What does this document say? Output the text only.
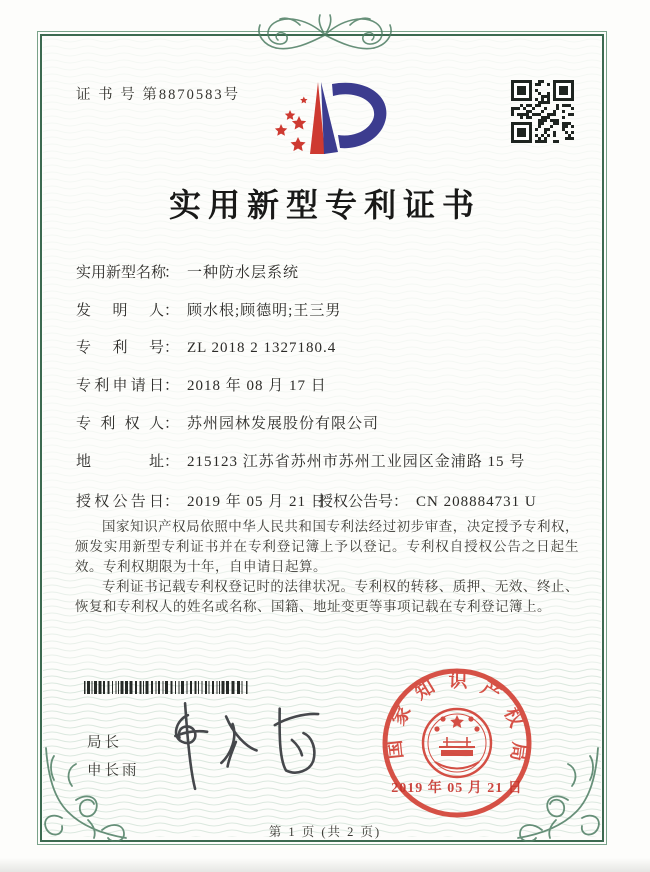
证 书 号 第8870583号
实用新型专利证书
实用新型名称： 一种防水层系统
发明人： 顾水根;顾德明;王三男
专利号： ZL 2018 2 1327180.4
专利申请日： 2018 年 08 月 17 日
专利权人： 苏州园林发展股份有限公司
地址： 215123 江苏省苏州市苏州工业园区金浦路 15 号
授权公告日： 2019 年 05 月 21 日
授权公告号： CN 208884731 U

国家知识产权局依照中华人民共和国专利法经过初步审查，决定授予专利权，颁发实用新型专利证书并在专利登记簿上予以登记。专利权自授权公告之日起生效。专利权期限为十年，自申请日起算。

专利证书记载专利权登记时的法律状况。专利权的转移、质押、无效、终止、恢复和专利权人的姓名或名称、国籍、地址变更等事项记载在专利登记簿上。

局长
申长雨
国家知识产权局
2019 年 05 月 21 日
第 1 页 (共 2 页)
